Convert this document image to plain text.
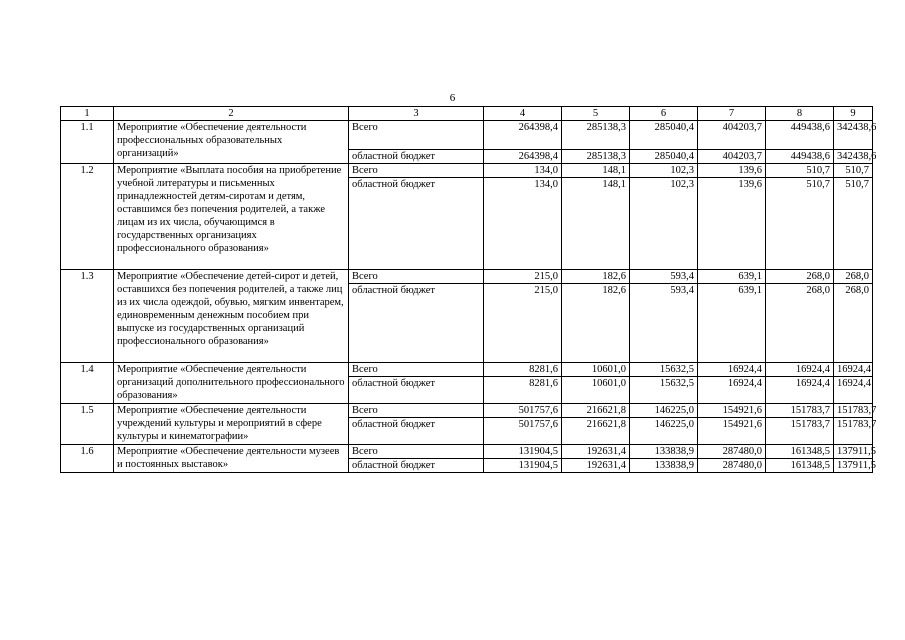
6
1	2	3	4	5	6	7	8	9
1.1	Мероприятие «Обеспечение деятельности профессиональных образовательных организаций»	Всего	264398,4	285138,3	285040,4	404203,7	449438,6	342438,6
		областной бюджет	264398,4	285138,3	285040,4	404203,7	449438,6	342438,6
1.2	Мероприятие «Выплата пособия на приобретение учебной литературы и письменных принадлежностей детям-сиротам и детям, оставшимся без попечения родителей, а также лицам из их числа, обучающимся в государственных организациях профессионального образования»	Всего	134,0	148,1	102,3	139,6	510,7	510,7
		областной бюджет	134,0	148,1	102,3	139,6	510,7	510,7
1.3	Мероприятие «Обеспечение детей-сирот и детей, оставшихся без попечения родителей, а также лиц из их числа одеждой, обувью, мягким инвентарем, единовременным денежным пособием при выпуске из государственных организаций профессионального образования»	Всего	215,0	182,6	593,4	639,1	268,0	268,0
		областной бюджет	215,0	182,6	593,4	639,1	268,0	268,0
1.4	Мероприятие «Обеспечение деятельности организаций дополнительного профессионального образования»	Всего	8281,6	10601,0	15632,5	16924,4	16924,4	16924,4
		областной бюджет	8281,6	10601,0	15632,5	16924,4	16924,4	16924,4
1.5	Мероприятие «Обеспечение деятельности учреждений культуры и мероприятий в сфере культуры и кинематографии»	Всего	501757,6	216621,8	146225,0	154921,6	151783,7	151783,7
		областной бюджет	501757,6	216621,8	146225,0	154921,6	151783,7	151783,7
1.6	Мероприятие «Обеспечение деятельности музеев и постоянных выставок»	Всего	131904,5	192631,4	133838,9	287480,0	161348,5	137911,5
		областной бюджет	131904,5	192631,4	133838,9	287480,0	161348,5	137911,5
